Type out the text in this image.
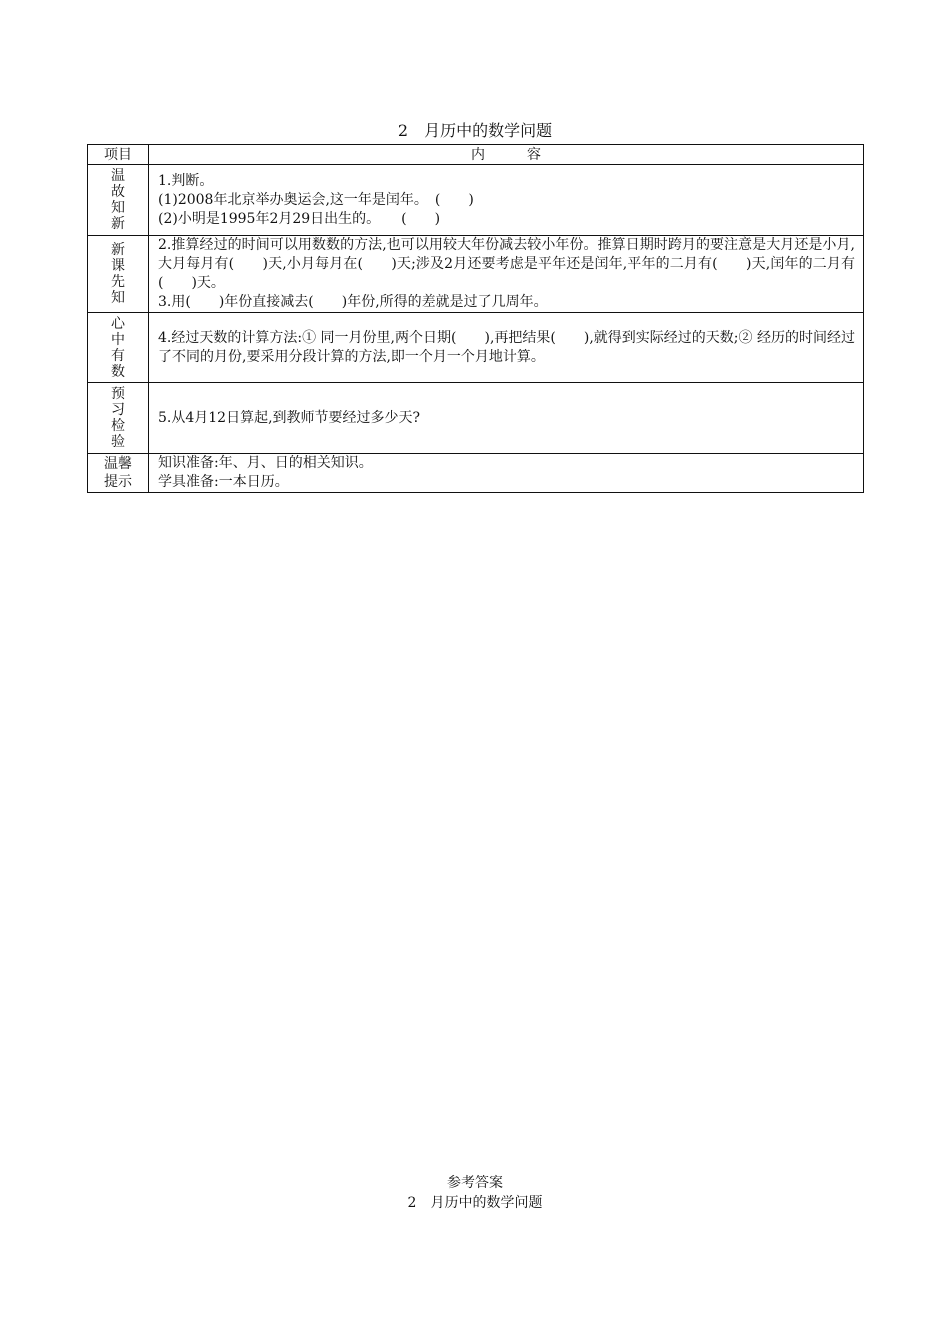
2　月历中的数学问题
项目	内　　　容

温
故
知
新	1.判断。
(1)2008年北京举办奥运会,这一年是闰年。　(　　)
(2)小明是1995年2月29日出生的。　　(　　)

新
课
先
知	2.推算经过的时间可以用数数的方法,也可以用较大年份减去较小年份。推算日期时跨月的要注意是大月还是小月,大月每月有(　　)天,小月每月在(　　)天;涉及2月还要考虑是平年还是闰年,平年的二月有(　　)天,闰年的二月有(　　)天。
3.用(　　)年份直接减去(　　)年份,所得的差就是过了几周年。

心
中
有
数	4.经过天数的计算方法:① 同一月份里,两个日期(　　),再把结果(　　),就得到实际经过的天数;② 经历的时间经过了不同的月份,要采用分段计算的方法,即一个月一个月地计算。

预
习
检
验	5.从4月12日算起,到教师节要经过多少天?

温馨
提示	知识准备:年、月、日的相关知识。
学具准备:一本日历。
参考答案
2　月历中的数学问题
